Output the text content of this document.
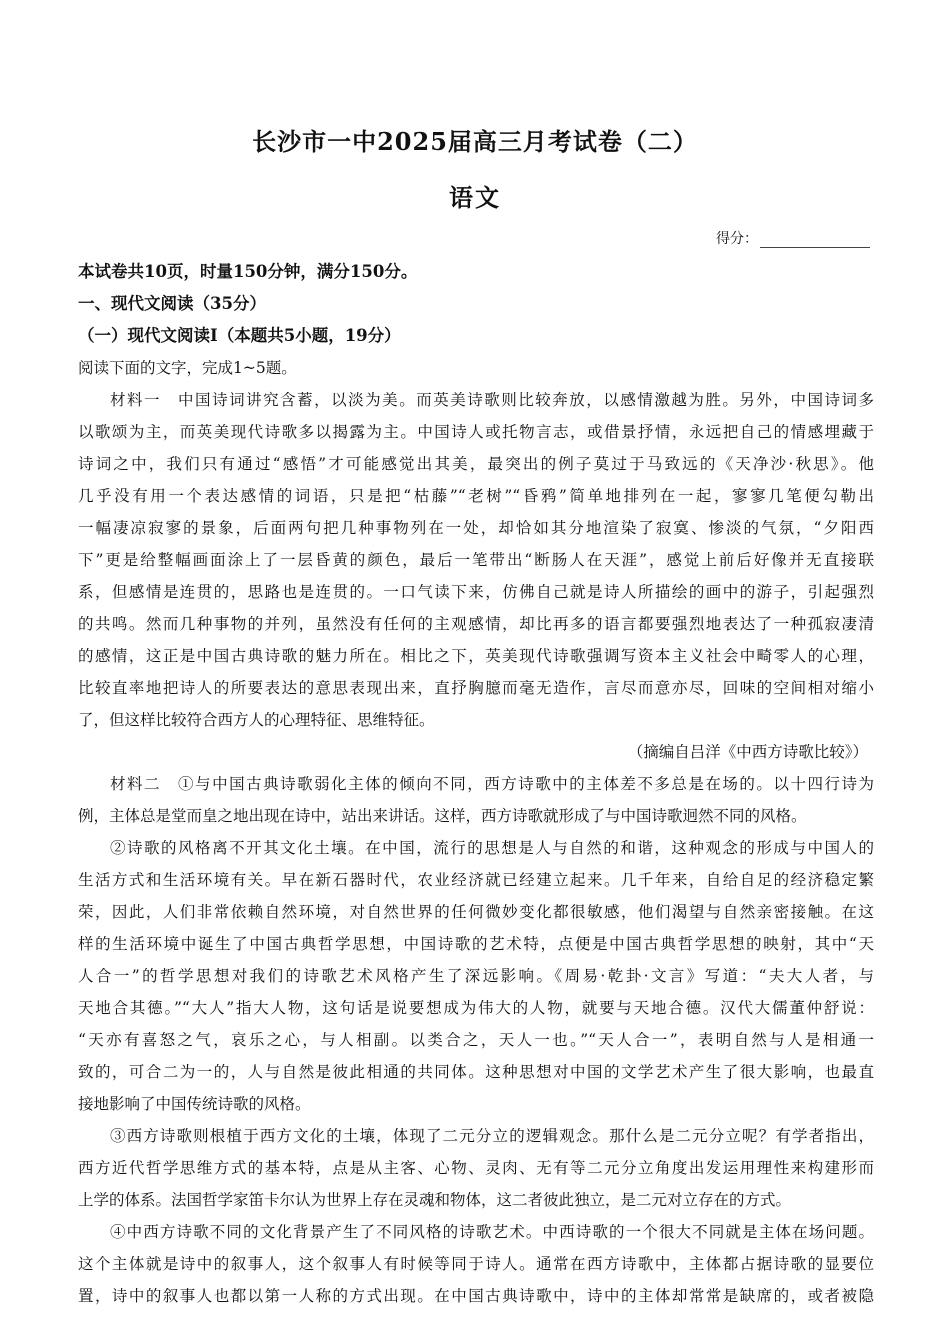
长沙市一中2025届高三月考试卷（二）
语文
得分：
本试卷共10页，时量150分钟，满分150分。
一、现代文阅读（35分）
（一）现代文阅读Ⅰ（本题共5小题，19分）
阅读下面的文字，完成1~5题。
材料一　中国诗词讲究含蓄，以淡为美。而英美诗歌则比较奔放，以感情激越为胜。另外，中国诗词多
以歌颂为主，而英美现代诗歌多以揭露为主。中国诗人或托物言志，或借景抒情，永远把自己的情感埋藏于
诗词之中，我们只有通过“感悟”才可能感觉出其美，最突出的例子莫过于马致远的《天净沙·秋思》。他
几乎没有用一个表达感情的词语，只是把“枯藤”“老树”“昏鸦”简单地排列在一起，寥寥几笔便勾勒出
一幅凄凉寂寥的景象，后面两句把几种事物列在一处，却恰如其分地渲染了寂寞、惨淡的气氛，“夕阳西
下”更是给整幅画面涂上了一层昏黄的颜色，最后一笔带出“断肠人在天涯”，感觉上前后好像并无直接联
系，但感情是连贯的，思路也是连贯的。一口气读下来，仿佛自己就是诗人所描绘的画中的游子，引起强烈
的共鸣。然而几种事物的并列，虽然没有任何的主观感情，却比再多的语言都要强烈地表达了一种孤寂凄清
的感情，这正是中国古典诗歌的魅力所在。相比之下，英美现代诗歌强调写资本主义社会中畸零人的心理，
比较直率地把诗人的所要表达的意思表现出来，直抒胸臆而毫无造作，言尽而意亦尽，回味的空间相对缩小
了，但这样比较符合西方人的心理特征、思维特征。
（摘编自吕洋《中西方诗歌比较》）
材料二　①与中国古典诗歌弱化主体的倾向不同，西方诗歌中的主体差不多总是在场的。以十四行诗为
例，主体总是堂而皇之地出现在诗中，站出来讲话。这样，西方诗歌就形成了与中国诗歌迥然不同的风格。
②诗歌的风格离不开其文化土壤。在中国，流行的思想是人与自然的和谐，这种观念的形成与中国人的
生活方式和生活环境有关。早在新石器时代，农业经济就已经建立起来。几千年来，自给自足的经济稳定繁
荣，因此，人们非常依赖自然环境，对自然世界的任何微妙变化都很敏感，他们渴望与自然亲密接触。在这
样的生活环境中诞生了中国古典哲学思想，中国诗歌的艺术特，点便是中国古典哲学思想的映射，其中“天
人合一”的哲学思想对我们的诗歌艺术风格产生了深远影响。《周易·乾卦·文言》写道：“夫大人者，与
天地合其德。”“大人”指大人物，这句话是说要想成为伟大的人物，就要与天地合德。汉代大儒董仲舒说：
“天亦有喜怒之气，哀乐之心，与人相副。以类合之，天人一也。”“天人合一”，表明自然与人是相通一
致的，可合二为一的，人与自然是彼此相通的共同体。这种思想对中国的文学艺术产生了很大影响，也最直
接地影响了中国传统诗歌的风格。
③西方诗歌则根植于西方文化的土壤，体现了二元分立的逻辑观念。那什么是二元分立呢？有学者指出，
西方近代哲学思维方式的基本特，点是从主客、心物、灵肉、无有等二元分立角度出发运用理性来构建形而
上学的体系。法国哲学家笛卡尔认为世界上存在灵魂和物体，这二者彼此独立，是二元对立存在的方式。
④中西方诗歌不同的文化背景产生了不同风格的诗歌艺术。中西诗歌的一个很大不同就是主体在场问题。
这个主体就是诗中的叙事人，这个叙事人有时候等同于诗人。通常在西方诗歌中，主体都占据诗歌的显要位
置，诗中的叙事人也都以第一人称的方式出现。在中国古典诗歌中，诗中的主体却常常是缺席的，或者被隐
